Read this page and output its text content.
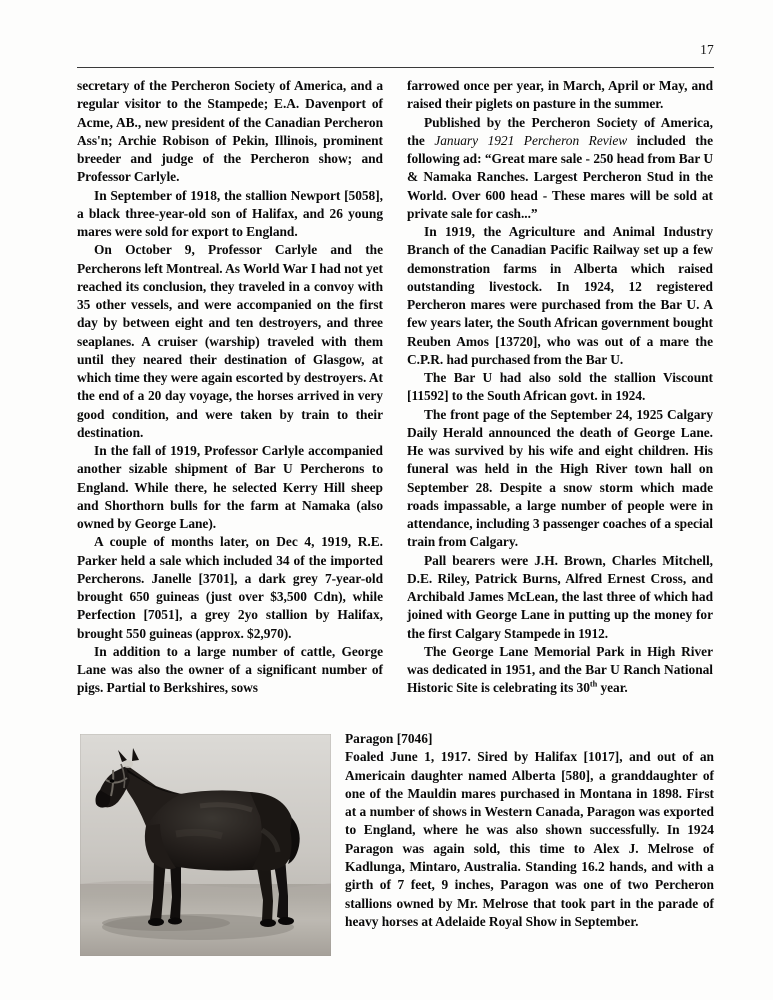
17

secretary of the Percheron Society of America, and a regular visitor to the Stampede; E.A. Davenport of Acme, AB., new president of the Canadian Percheron Ass'n; Archie Robison of Pekin, Illinois, prominent breeder and judge of the Percheron show; and Professor Carlyle.

In September of 1918, the stallion Newport [5058], a black three-year-old son of Halifax, and 26 young mares were sold for export to England.

On October 9, Professor Carlyle and the Percherons left Montreal. As World War I had not yet reached its conclusion, they traveled in a convoy with 35 other vessels, and were accompanied on the first day by between eight and ten destroyers, and three seaplanes. A cruiser (warship) traveled with them until they neared their destination of Glasgow, at which time they were again escorted by destroyers. At the end of a 20 day voyage, the horses arrived in very good condition, and were taken by train to their destination.

In the fall of 1919, Professor Carlyle accompanied another sizable shipment of Bar U Percherons to England. While there, he selected Kerry Hill sheep and Shorthorn bulls for the farm at Namaka (also owned by George Lane).

A couple of months later, on Dec 4, 1919, R.E. Parker held a sale which included 34 of the imported Percherons. Janelle [3701], a dark grey 7-year-old brought 650 guineas (just over $3,500 Cdn), while Perfection [7051], a grey 2yo stallion by Halifax, brought 550 guineas (approx. $2,970).

In addition to a large number of cattle, George Lane was also the owner of a significant number of pigs. Partial to Berkshires, sows

farrowed once per year, in March, April or May, and raised their piglets on pasture in the summer.

Published by the Percheron Society of America, the January 1921 Percheron Review included the following ad: “Great mare sale - 250 head from Bar U & Namaka Ranches. Largest Percheron Stud in the World. Over 600 head - These mares will be sold at private sale for cash...”

In 1919, the Agriculture and Animal Industry Branch of the Canadian Pacific Railway set up a few demonstration farms in Alberta which raised outstanding livestock. In 1924, 12 registered Percheron mares were purchased from the Bar U. A few years later, the South African government bought Reuben Amos [13720], who was out of a mare the C.P.R. had purchased from the Bar U.

The Bar U had also sold the stallion Viscount [11592] to the South African govt. in 1924.

The front page of the September 24, 1925 Calgary Daily Herald announced the death of George Lane. He was survived by his wife and eight children. His funeral was held in the High River town hall on September 28. Despite a snow storm which made roads impassable, a large number of people were in attendance, including 3 passenger coaches of a special train from Calgary.

Pall bearers were J.H. Brown, Charles Mitchell, D.E. Riley, Patrick Burns, Alfred Ernest Cross, and Archibald James McLean, the last three of which had joined with George Lane in putting up the money for the first Calgary Stampede in 1912.

The George Lane Memorial Park in High River was dedicated in 1951, and the Bar U Ranch National Historic Site is celebrating its 30th year.

Paragon [7046]

Foaled June 1, 1917. Sired by Halifax [1017], and out of an Americain daughter named Alberta [580], a granddaughter of one of the Mauldin mares purchased in Montana in 1898. First at a number of shows in Western Canada, Paragon was exported to England, where he was also shown successfully. In 1924 Paragon was again sold, this time to Alex J. Melrose of Kadlunga, Mintaro, Australia. Standing 16.2 hands, and with a girth of 7 feet, 9 inches, Paragon was one of two Percheron stallions owned by Mr. Melrose that took part in the parade of heavy horses at Adelaide Royal Show in September.
